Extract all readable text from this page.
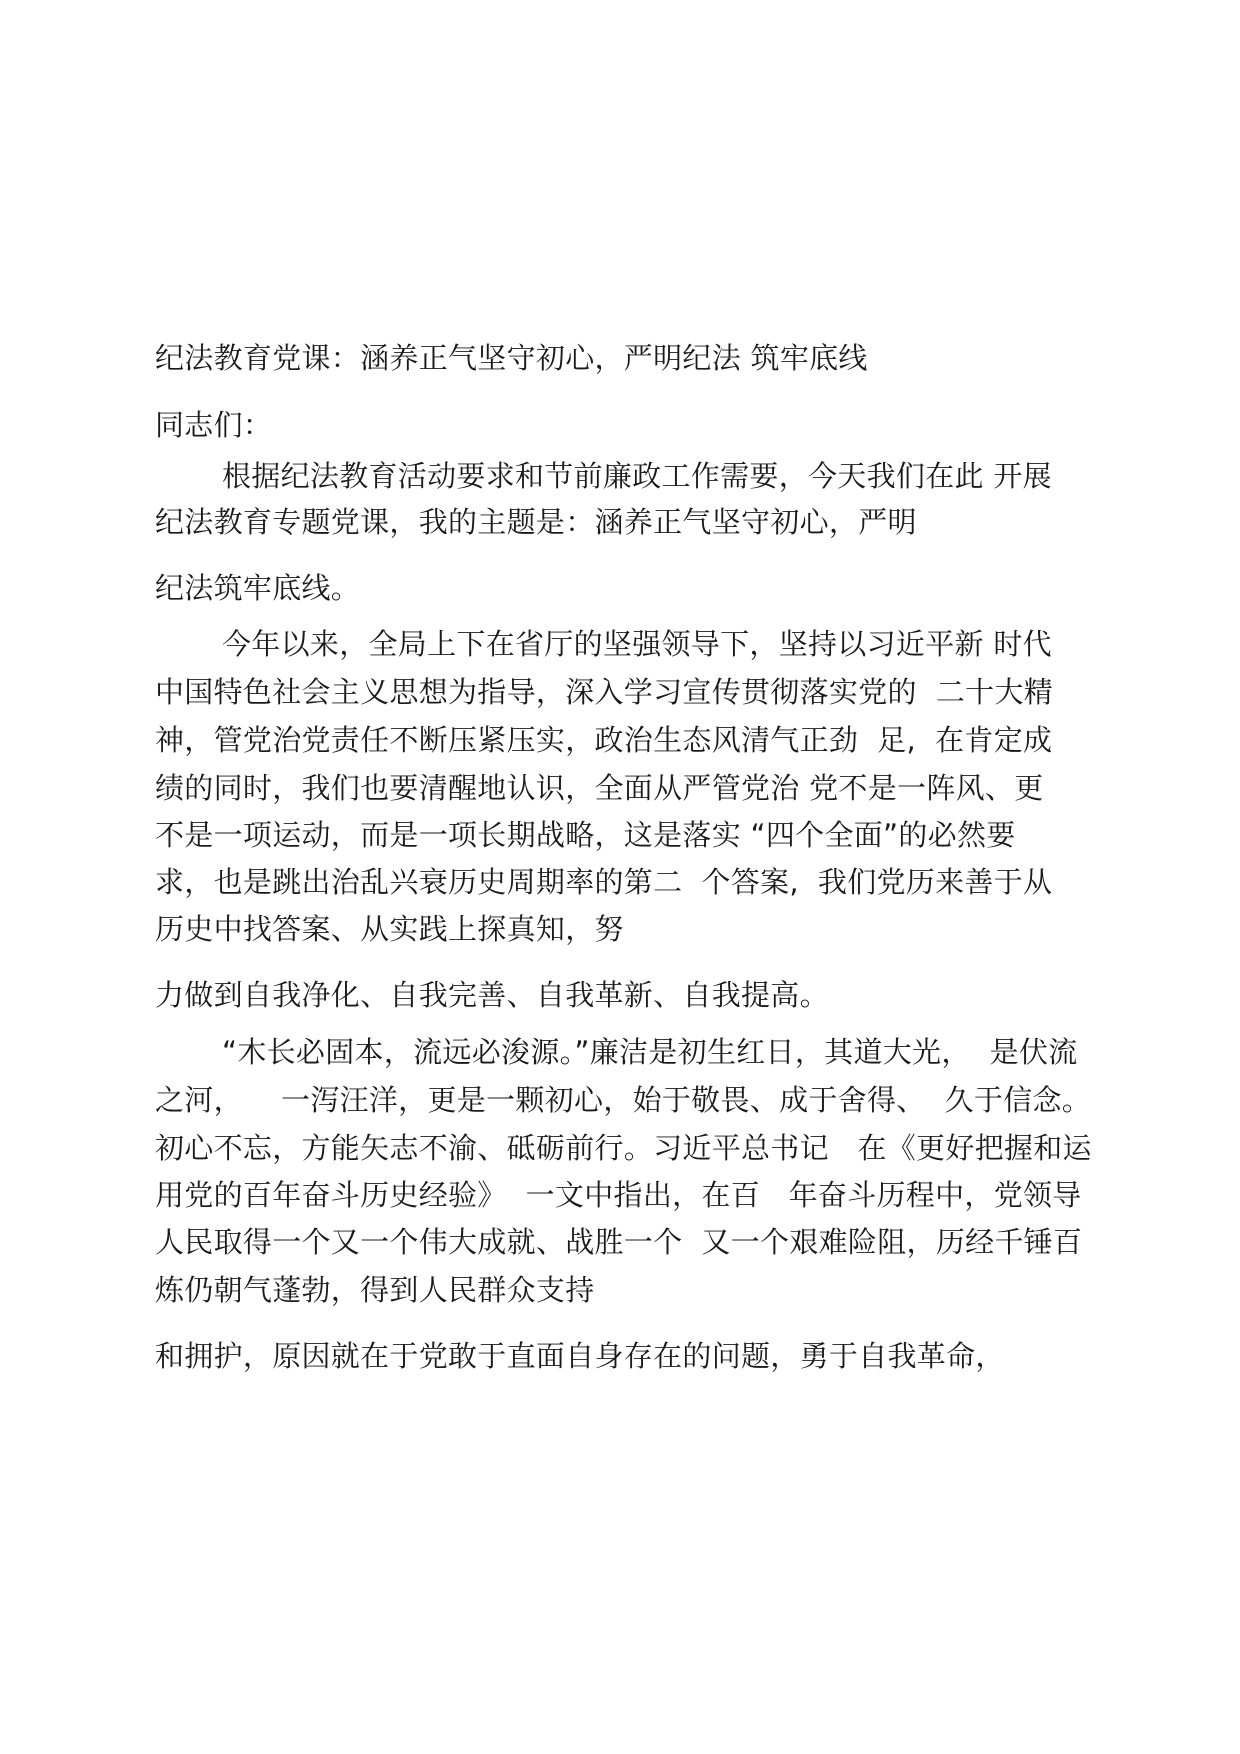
纪法教育党课：涵养正气坚守初心，严明纪法 筑牢底线
同志们：
根据纪法教育活动要求和节前廉政工作需要，今天我们在此 开展
纪法教育专题党课，我的主题是：涵养正气坚守初心，严明
纪法筑牢底线。
今年以来，全局上下在省厅的坚强领导下，坚持以习近平新 时代
中国特色社会主义思想为指导，深入学习宣传贯彻落实党的  二十大精
神，管党治党责任不断压紧压实，政治生态风清气正劲  足,  在肯定成
绩的同时，我们也要清醒地认识，全面从严管党治 党不是一阵风、更
不是一项运动，而是一项长期战略，这是落实 “四个全面”的必然要
求，也是跳出治乱兴衰历史周期率的第二  个答案,  我们党历来善于从
历史中找答案、从实践上探真知，努
力做到自我净化、自我完善、自我革新、自我提高。
“木长必固本，流远必浚源。”廉洁是初生红日，其道大光，  是伏流
之河，    一泻汪洋，更是一颗初心，始于敬畏、成于舍得、  久于信念。
初心不忘，方能矢志不渝、砥砺前行。习近平总书记   在《更好把握和运
用党的百年奋斗历史经验》  一文中指出，在百   年奋斗历程中，党领导
人民取得一个又一个伟大成就、战胜一个  又一个艰难险阻，历经千锤百
炼仍朝气蓬勃，得到人民群众支持
和拥护，原因就在于党敢于直面自身存在的问题，勇于自我革命，
